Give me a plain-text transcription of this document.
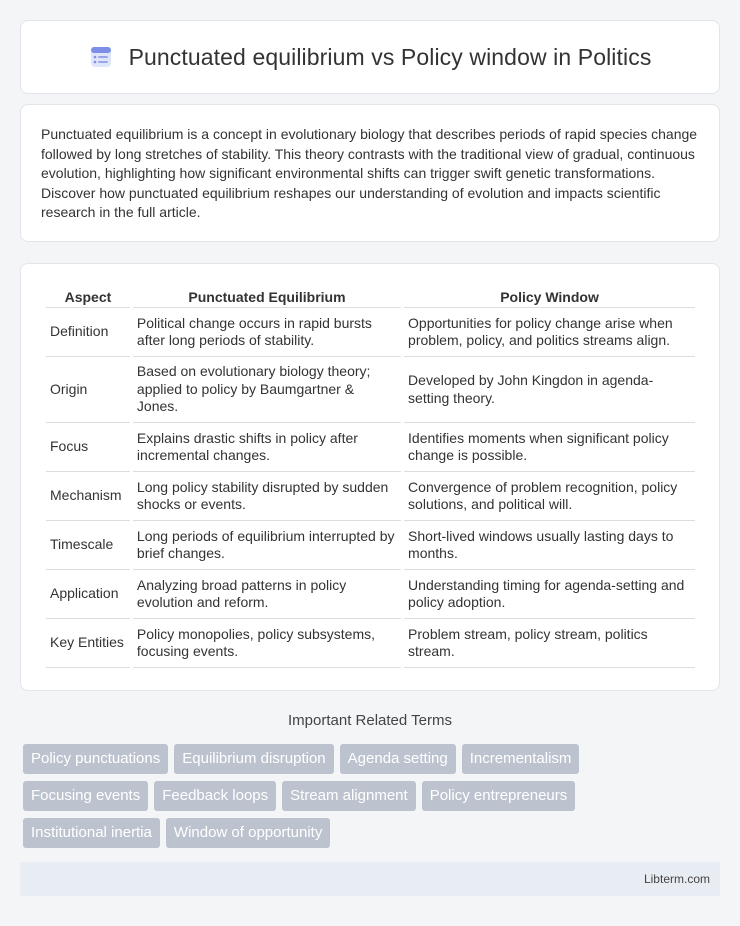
Punctuated equilibrium vs Policy window in Politics

Punctuated equilibrium is a concept in evolutionary biology that describes periods of rapid species change followed by long stretches of stability. This theory contrasts with the traditional view of gradual, continuous evolution, highlighting how significant environmental shifts can trigger swift genetic transformations. Discover how punctuated equilibrium reshapes our understanding of evolution and impacts scientific research in the full article.

Aspect	Punctuated Equilibrium	Policy Window
Definition	Political change occurs in rapid bursts after long periods of stability.	Opportunities for policy change arise when problem, policy, and politics streams align.
Origin	Based on evolutionary biology theory; applied to policy by Baumgartner & Jones.	Developed by John Kingdon in agenda-setting theory.
Focus	Explains drastic shifts in policy after incremental changes.	Identifies moments when significant policy change is possible.
Mechanism	Long policy stability disrupted by sudden shocks or events.	Convergence of problem recognition, policy solutions, and political will.
Timescale	Long periods of equilibrium interrupted by brief changes.	Short-lived windows usually lasting days to months.
Application	Analyzing broad patterns in policy evolution and reform.	Understanding timing for agenda-setting and policy adoption.
Key Entities	Policy monopolies, policy subsystems, focusing events.	Problem stream, policy stream, politics stream.
Important Related Terms
Policy punctuations	Equilibrium disruption	Agenda setting	Incrementalism
Focusing events	Feedback loops	Stream alignment	Policy entrepreneurs
Institutional inertia	Window of opportunity
Libterm.com
